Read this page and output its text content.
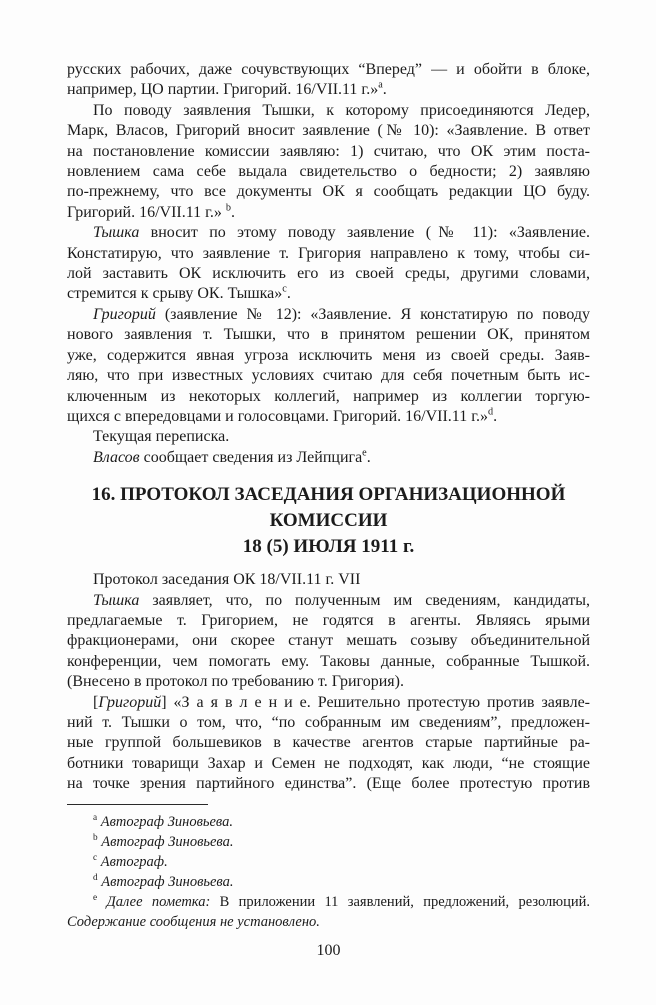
русских рабочих, даже сочувствующих “Вперед” — и обойти в блоке,
например, ЦО партии. Григорий. 16/VII.11 г.»$^a$.
По поводу заявления Тышки, к которому присоединяются Ледер,
Марк, Власов, Григорий вносит заявление (№ 10): «Заявление. В ответ
на постановление комиссии заявляю: 1) считаю, что ОК этим поста-
новлением сама себе выдала свидетельство о бедности; 2) заявляю
по-прежнему, что все документы ОК я сообщать редакции ЦО буду.
Григорий. 16/VII.11 г.» $^b$.
Тышка вносит по этому поводу заявление (№ 11): «Заявление.
Констатирую, что заявление т. Григория направлено к тому, чтобы си-
лой заставить ОК исключить его из своей среды, другими словами,
стремится к срыву ОК. Тышка»$^c$.
Григорий (заявление № 12): «Заявление. Я констатирую по поводу
нового заявления т. Тышки, что в принятом решении ОК, принятом
уже, содержится явная угроза исключить меня из своей среды. Заяв-
ляю, что при известных условиях считаю для себя почетным быть ис-
ключенным из некоторых коллегий, например из коллегии торгую-
щихся с впередовцами и голосовцами. Григорий. 16/VII.11 г.»$^d$.
Текущая переписка.
Власов сообщает сведения из Лейпцига$^e$.
16. ПРОТОКОЛ ЗАСЕДАНИЯ ОРГАНИЗАЦИОННОЙ
КОМИССИИ
18 (5) ИЮЛЯ 1911 г.
Протокол заседания ОК 18/VII.11 г. VII
Тышка заявляет, что, по полученным им сведениям, кандидаты,
предлагаемые т. Григорием, не годятся в агенты. Являясь ярыми
фракционерами, они скорее станут мешать созыву объединительной
конференции, чем помогать ему. Таковы данные, собранные Тышкой.
(Внесено в протокол по требованию т. Григория).
[Григорий] «З а я в л е н и е. Решительно протестую против заявле-
ний т. Тышки о том, что, “по собранным им сведениям”, предложен-
ные группой большевиков в качестве агентов старые партийные ра-
ботники товарищи Захар и Семен не подходят, как люди, “не стоящие
на точке зрения партийного единства”. (Еще более протестую против
$^a$ Автограф Зиновьева.
$^b$ Автограф Зиновьева.
$^c$ Автограф.
$^d$ Автограф Зиновьева.
$^e$ Далее пометка: В приложении 11 заявлений, предложений, резолюций.
Содержание сообщения не установлено.
100
